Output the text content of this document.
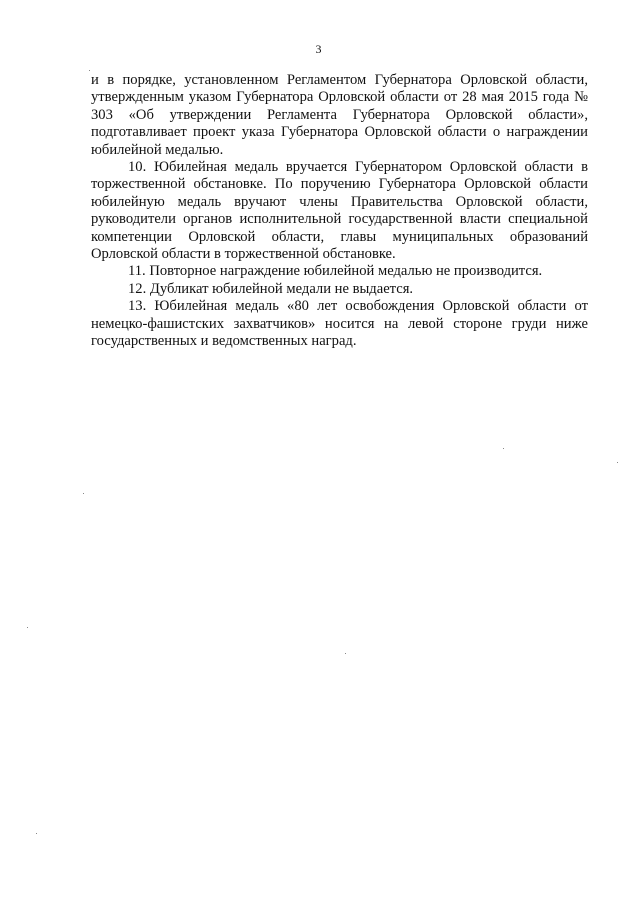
3

и в порядке, установленном Регламентом Губернатора Орловской области, утвержденным указом Губернатора Орловской области от 28 мая 2015 года № 303 «Об утверждении Регламента Губернатора Орловской области», подготавливает проект указа Губернатора Орловской области о награждении юбилейной медалью.

10. Юбилейная медаль вручается Губернатором Орловской области в торжественной обстановке. По поручению Губернатора Орловской области юбилейную медаль вручают члены Правительства Орловской области, руководители органов исполнительной государственной власти специальной компетенции Орловской области, главы муниципальных образований Орловской области в торжественной обстановке.

11. Повторное награждение юбилейной медалью не производится.

12. Дубликат юбилейной медали не выдается.

13. Юбилейная медаль «80 лет освобождения Орловской области от немецко-фашистских захватчиков» носится на левой стороне груди ниже государственных и ведомственных наград.
